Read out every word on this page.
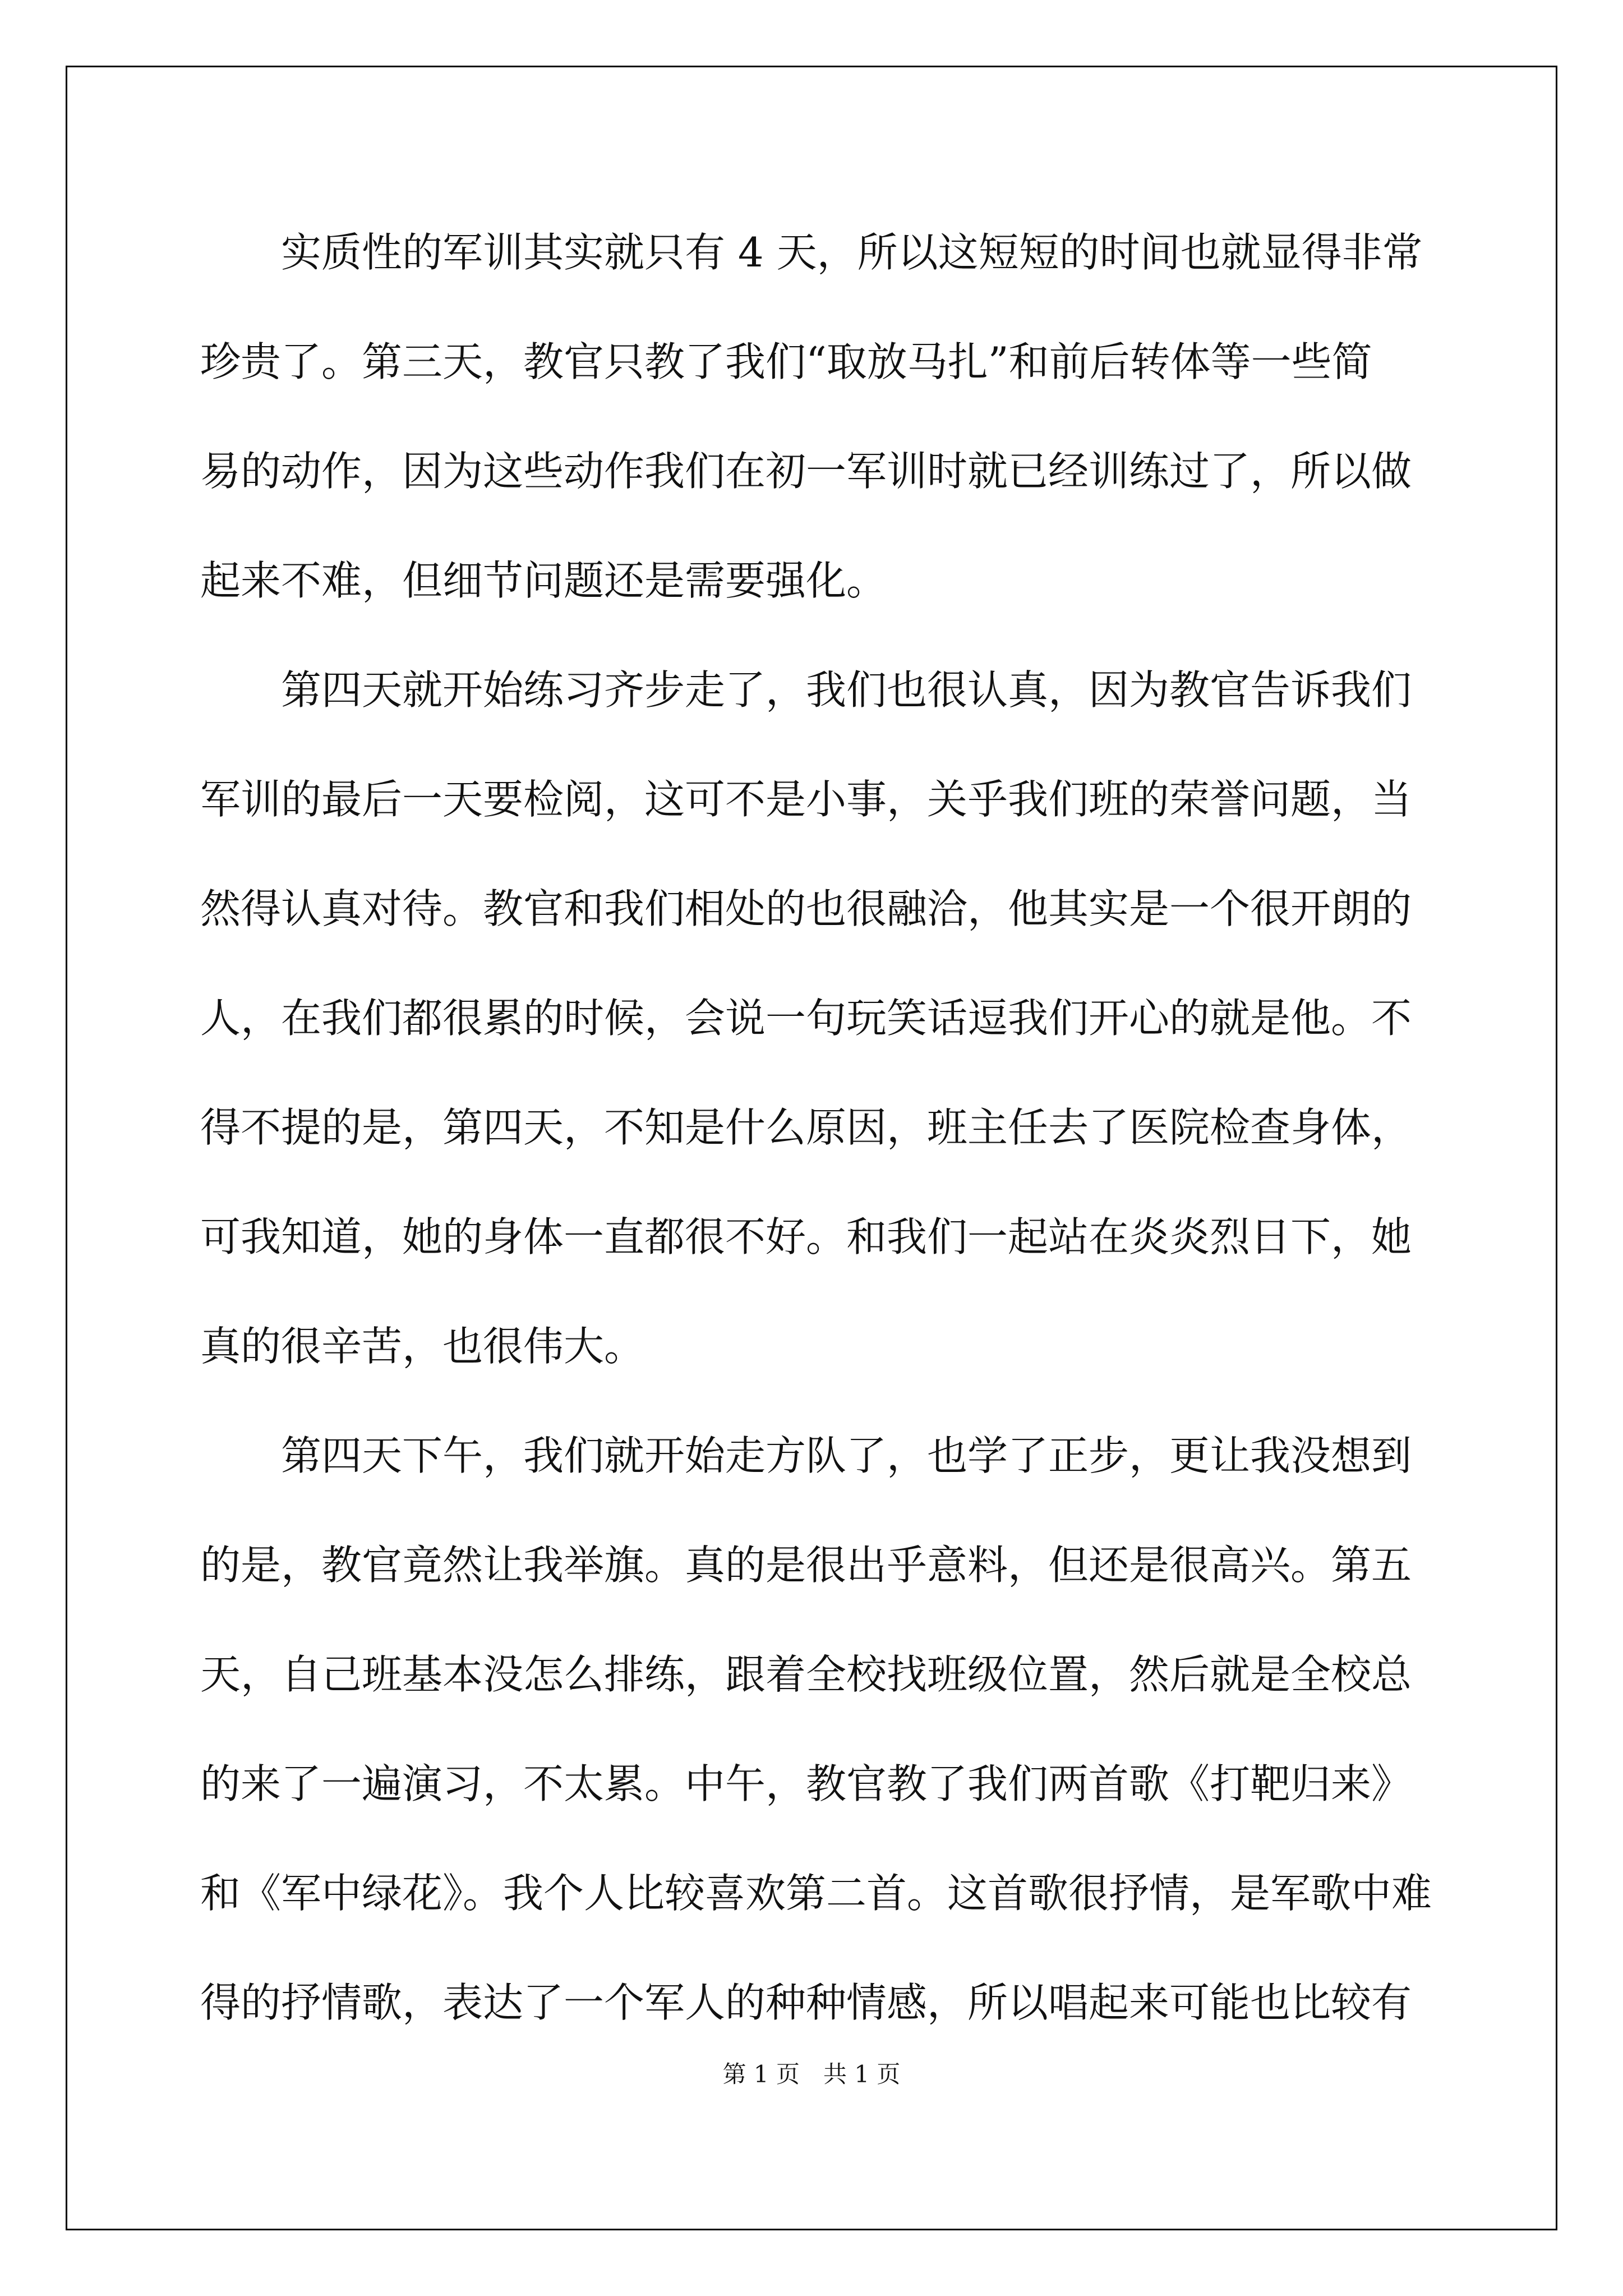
　　实质性的军训其实就只有 4 天，所以这短短的时间也就显得非常
珍贵了。第三天，教官只教了我们“取放马扎”和前后转体等一些简
易的动作，因为这些动作我们在初一军训时就已经训练过了，所以做
起来不难，但细节问题还是需要强化。
　　第四天就开始练习齐步走了，我们也很认真，因为教官告诉我们
军训的最后一天要检阅，这可不是小事，关乎我们班的荣誉问题，当
然得认真对待。教官和我们相处的也很融洽，他其实是一个很开朗的
人，在我们都很累的时候，会说一句玩笑话逗我们开心的就是他。不
得不提的是，第四天，不知是什么原因，班主任去了医院检查身体，
可我知道，她的身体一直都很不好。和我们一起站在炎炎烈日下，她
真的很辛苦，也很伟大。
　　第四天下午，我们就开始走方队了，也学了正步，更让我没想到
的是，教官竟然让我举旗。真的是很出乎意料，但还是很高兴。第五
天，自己班基本没怎么排练，跟着全校找班级位置，然后就是全校总
的来了一遍演习，不太累。中午，教官教了我们两首歌《打靶归来》
和《军中绿花》。我个人比较喜欢第二首。这首歌很抒情，是军歌中难
得的抒情歌，表达了一个军人的种种情感，所以唱起来可能也比较有
第 1 页　共 1 页
